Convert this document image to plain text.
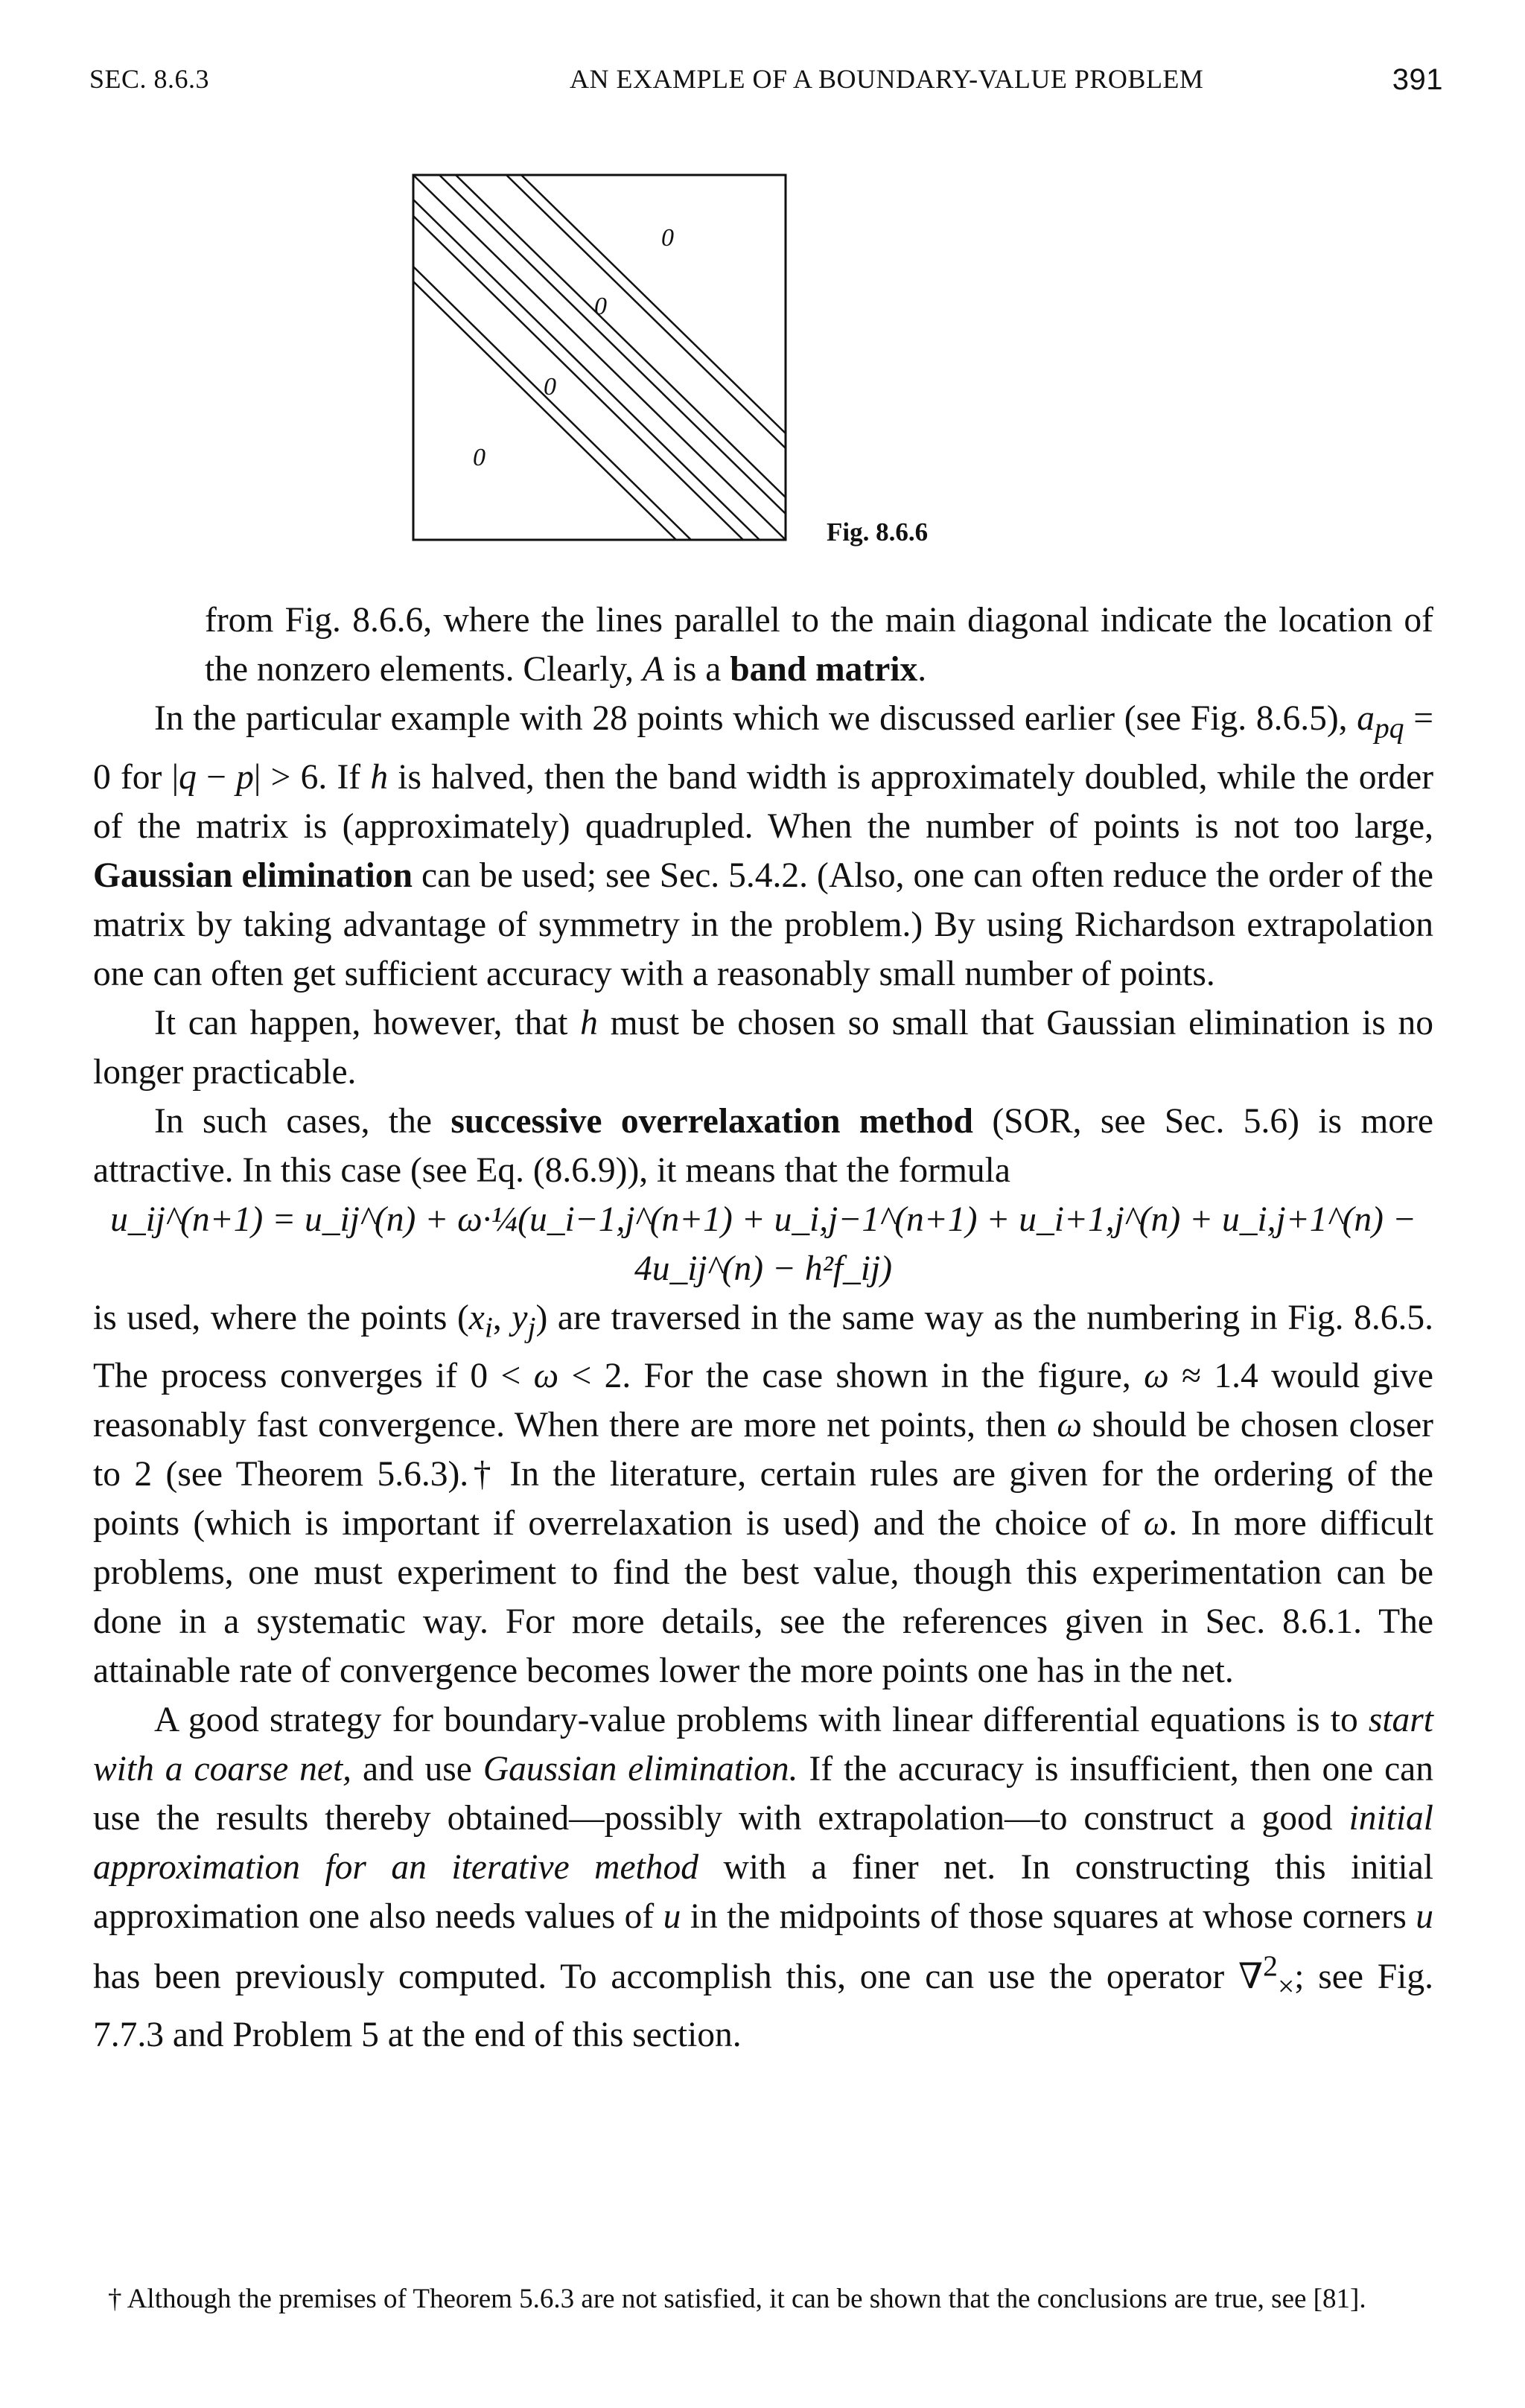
SEC. 8.6.3	AN EXAMPLE OF A BOUNDARY-VALUE PROBLEM	391
0
0
0
0
Fig. 8.6.6

from Fig. 8.6.6, where the lines parallel to the main diagonal indicate the location of the nonzero elements. Clearly, A is a band matrix.

In the particular example with 28 points which we discussed earlier (see Fig. 8.6.5), $a_{pq} = 0$ for |q − p| > 6. If h is halved, then the band width is approximately doubled, while the order of the matrix is (approximately) quadrupled. When the number of points is not too large, Gaussian elimination can be used; see Sec. 5.4.2. (Also, one can often reduce the order of the matrix by taking advantage of symmetry in the problem.) By using Richardson extrapolation one can often get sufficient accuracy with a reasonably small number of points.

It can happen, however, that h must be chosen so small that Gaussian elimination is no longer practicable.

In such cases, the successive overrelaxation method (SOR, see Sec. 5.6) is more attractive. In this case (see Eq. (8.6.9)), it means that the formula

u_ij^(n+1) = u_ij^(n) + ω·¼(u_i−1,j^(n+1) + u_i,j−1^(n+1) + u_i+1,j^(n) + u_i,j+1^(n) − 4u_ij^(n) − h²f_ij)

is used, where the points ($x_i$, $y_j$) are traversed in the same way as the numbering in Fig. 8.6.5. The process converges if 0 < ω < 2. For the case shown in the figure, ω ≈ 1.4 would give reasonably fast convergence. When there are more net points, then ω should be chosen closer to 2 (see Theorem 5.6.3).† In the literature, certain rules are given for the ordering of the points (which is important if overrelaxation is used) and the choice of ω. In more difficult problems, one must experiment to find the best value, though this experimentation can be done in a systematic way. For more details, see the references given in Sec. 8.6.1. The attainable rate of convergence becomes lower the more points one has in the net.

A good strategy for boundary-value problems with linear differential equations is to start with a coarse net, and use Gaussian elimination. If the accuracy is insufficient, then one can use the results thereby obtained—possibly with extrapolation—to construct a good initial approximation for an iterative method with a finer net. In constructing this initial approximation one also needs values of u in the midpoints of those squares at whose corners u has been previously computed. To accomplish this, one can use the operator ∇$^2_\times$; see Fig. 7.7.3 and Problem 5 at the end of this section.

† Although the premises of Theorem 5.6.3 are not satisfied, it can be shown that the conclusions are true, see [81].
